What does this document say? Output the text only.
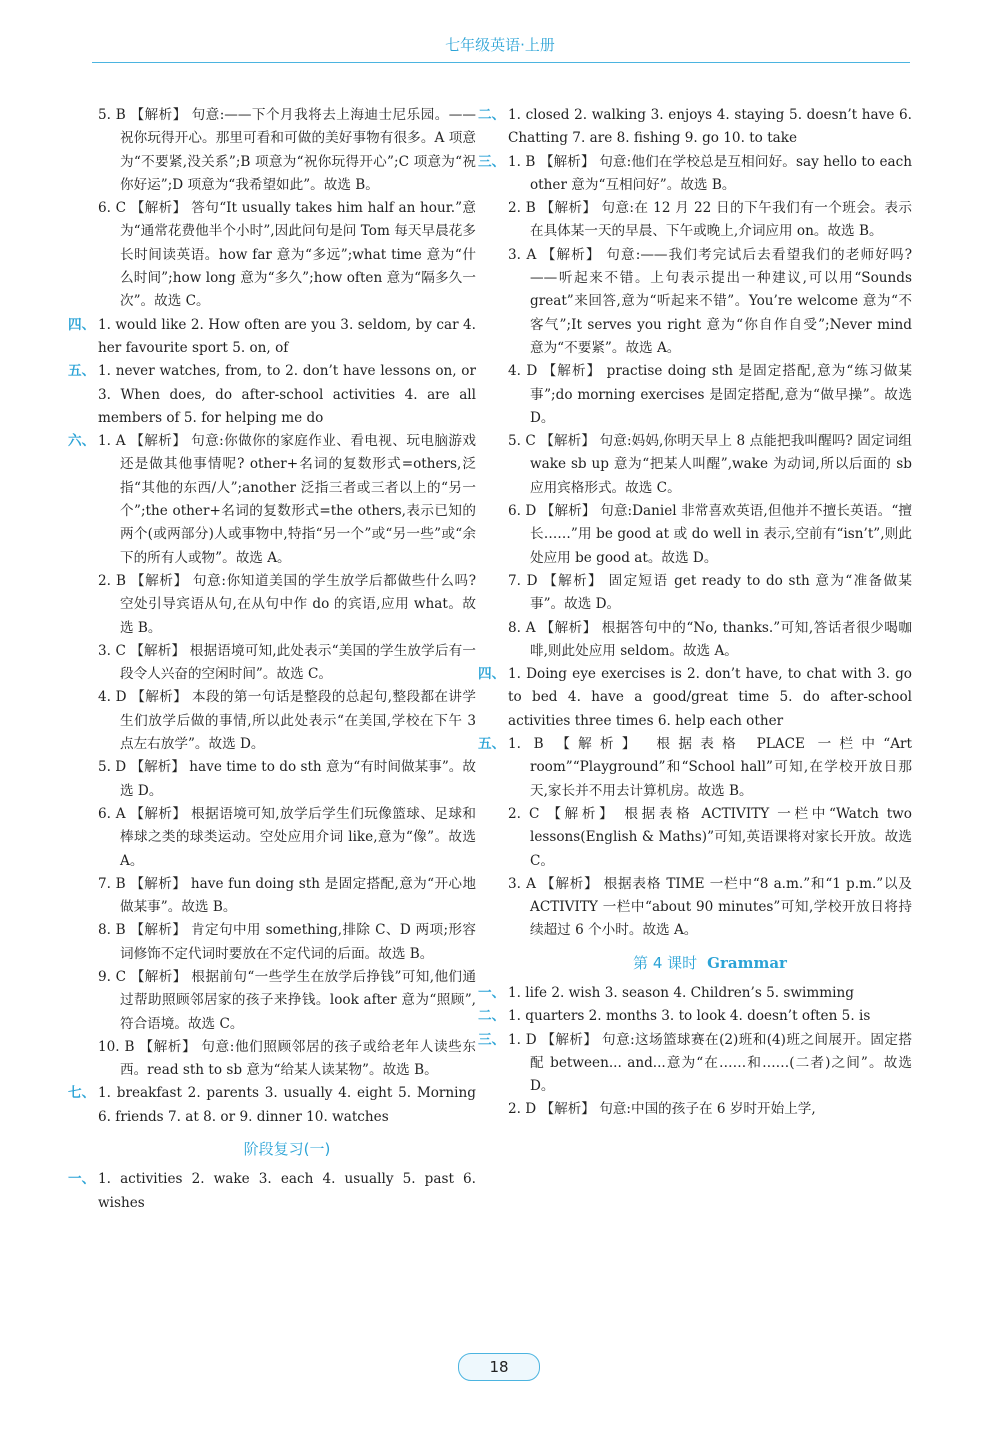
七年级英语·上册
5. B 【解析】 句意:——下个月我将去上海迪士尼乐园。——祝你玩得开心。那里可看和可做的美好事物有很多。A 项意为“不要紧,没关系”;B 项意为“祝你玩得开心”;C 项意为“祝你好运”;D 项意为“我希望如此”。故选 B。
6. C 【解析】 答句“It usually takes him half an hour.”意为“通常花费他半个小时”,因此问句是问 Tom 每天早晨花多长时间读英语。how far 意为“多远”;what time 意为“什么时间”;how long 意为“多久”;how often 意为“隔多久一次”。故选 C。
四、 1. would like 2. How often are you 3. seldom, by car 4. her favourite sport 5. on, of
五、 1. never watches, from, to 2. don’t have lessons on, or 3. When does, do after-school activities 4. are all members of 5. for helping me do
六、 1. A 【解析】 句意:你做你的家庭作业、看电视、玩电脑游戏还是做其他事情呢? other+名词的复数形式=others,泛指“其他的东西/人”;another 泛指三者或三者以上的“另一个”;the other+名词的复数形式=the others,表示已知的两个(或两部分)人或事物中,特指“另一个”或“另一些”或“余下的所有人或物”。故选 A。
2. B 【解析】 句意:你知道美国的学生放学后都做些什么吗? 空处引导宾语从句,在从句中作 do 的宾语,应用 what。故选 B。
3. C 【解析】 根据语境可知,此处表示“美国的学生放学后有一段令人兴奋的空闲时间”。故选 C。
4. D 【解析】 本段的第一句话是整段的总起句,整段都在讲学生们放学后做的事情,所以此处表示“在美国,学校在下午 3 点左右放学”。故选 D。
5. D 【解析】 have time to do sth 意为“有时间做某事”。故选 D。
6. A 【解析】 根据语境可知,放学后学生们玩像篮球、足球和棒球之类的球类运动。空处应用介词 like,意为“像”。故选 A。
7. B 【解析】 have fun doing sth 是固定搭配,意为“开心地做某事”。故选 B。
8. B 【解析】 肯定句中用 something,排除 C、D 两项;形容词修饰不定代词时要放在不定代词的后面。故选 B。
9. C 【解析】 根据前句“一些学生在放学后挣钱”可知,他们通过帮助照顾邻居家的孩子来挣钱。look after 意为“照顾”,符合语境。故选 C。
10. B 【解析】 句意:他们照顾邻居的孩子或给老年人读些东西。read sth to sb 意为“给某人读某物”。故选 B。
七、 1. breakfast 2. parents 3. usually 4. eight 5. Morning 6. friends 7. at 8. or 9. dinner 10. watches
阶段复习(一)
一、 1. activities 2. wake 3. each 4. usually 5. past 6. wishes
二、 1. closed 2. walking 3. enjoys 4. staying 5. doesn’t have 6. Chatting 7. are 8. fishing 9. go 10. to take
三、 1. B 【解析】 句意:他们在学校总是互相问好。say hello to each other 意为“互相问好”。故选 B。
2. B 【解析】 句意:在 12 月 22 日的下午我们有一个班会。表示在具体某一天的早晨、下午或晚上,介词应用 on。故选 B。
3. A 【解析】 句意:——我们考完试后去看望我们的老师好吗? ——听起来不错。上句表示提出一种建议,可以用“Sounds great”来回答,意为“听起来不错”。You’re welcome 意为“不客气”;It serves you right 意为“你自作自受”;Never mind 意为“不要紧”。故选 A。
4. D 【解析】 practise doing sth 是固定搭配,意为“练习做某事”;do morning exercises 是固定搭配,意为“做早操”。故选 D。
5. C 【解析】 句意:妈妈,你明天早上 8 点能把我叫醒吗? 固定词组 wake sb up 意为“把某人叫醒”,wake 为动词,所以后面的 sb 应用宾格形式。故选 C。
6. D 【解析】 句意:Daniel 非常喜欢英语,但他并不擅长英语。“擅长……”用 be good at 或 do well in 表示,空前有“isn’t”,则此处应用 be good at。故选 D。
7. D 【解析】 固定短语 get ready to do sth 意为“准备做某事”。故选 D。
8. A 【解析】 根据答句中的“No, thanks.”可知,答话者很少喝咖啡,则此处应用 seldom。故选 A。
四、 1. Doing eye exercises is 2. don’t have, to chat with 3. go to bed 4. have a good/great time 5. do after-school activities three times 6. help each other
五、 1. B 【解析】 根据表格 PLACE 一栏中“Art room”“Playground”和“School hall”可知,在学校开放日那天,家长并不用去计算机房。故选 B。
2. C 【解析】 根据表格 ACTIVITY 一栏中“Watch two lessons(English & Maths)”可知,英语课将对家长开放。故选 C。
3. A 【解析】 根据表格 TIME 一栏中“8 a.m.”和“1 p.m.”以及 ACTIVITY 一栏中“about 90 minutes”可知,学校开放日将持续超过 6 个小时。故选 A。
第 4 课时 Grammar
一、 1. life 2. wish 3. season 4. Children’s 5. swimming
二、 1. quarters 2. months 3. to look 4. doesn’t often 5. is
三、 1. D 【解析】 句意:这场篮球赛在(2)班和(4)班之间展开。固定搭配 between... and...意为“在……和……(二者)之间”。故选 D。
2. D 【解析】 句意:中国的孩子在 6 岁时开始上学,
18
